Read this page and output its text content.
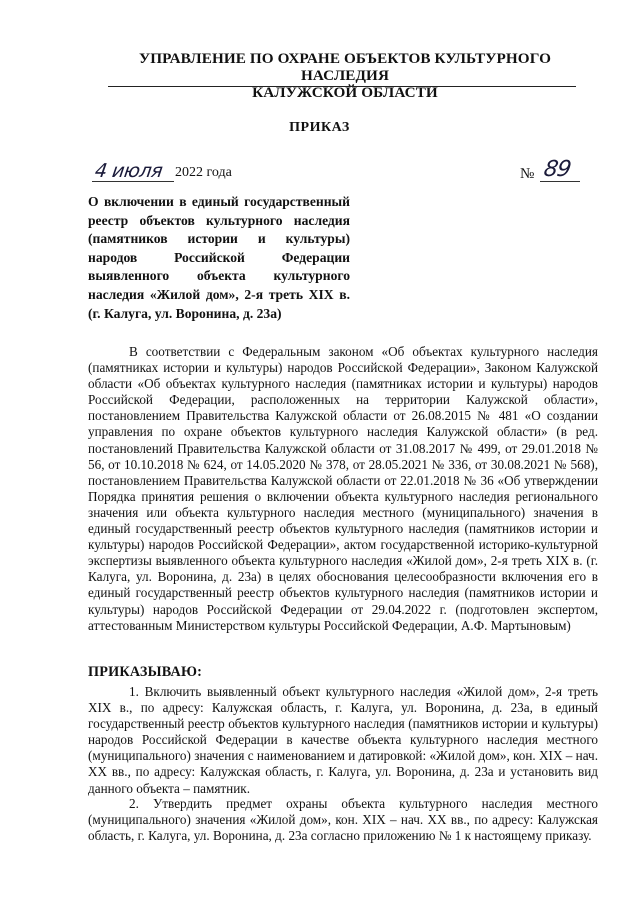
УПРАВЛЕНИЕ ПО ОХРАНЕ ОБЪЕКТОВ КУЛЬТУРНОГО НАСЛЕДИЯ
КАЛУЖСКОЙ ОБЛАСТИ
ПРИКАЗ
4 июля 2022 года	№ 89
О включении в единый государственный реестр объектов культурного наследия (памятников истории и культуры) народов Российской Федерации выявленного объекта культурного наследия «Жилой дом», 2-я треть XIX в. (г. Калуга, ул. Воронина, д. 23а)

В соответствии с Федеральным законом «Об объектах культурного наследия (памятниках истории и культуры) народов Российской Федерации», Законом Калужской области «Об объектах культурного наследия (памятниках истории и культуры) народов Российской Федерации, расположенных на территории Калужской области», постановлением Правительства Калужской области от 26.08.2015 № 481 «О создании управления по охране объектов культурного наследия Калужской области» (в ред. постановлений Правительства Калужской области от 31.08.2017 № 499, от 29.01.2018 № 56, от 10.10.2018 № 624, от 14.05.2020 № 378, от 28.05.2021 № 336, от 30.08.2021 № 568), постановлением Правительства Калужской области от 22.01.2018 № 36 «Об утверждении Порядка принятия решения о включении объекта культурного наследия регионального значения или объекта культурного наследия местного (муниципального) значения в единый государственный реестр объектов культурного наследия (памятников истории и культуры) народов Российской Федерации», актом государственной историко-культурной экспертизы выявленного объекта культурного наследия «Жилой дом», 2-я треть XIX в. (г. Калуга, ул. Воронина, д. 23а) в целях обоснования целесообразности включения его в единый государственный реестр объектов культурного наследия (памятников истории и культуры) народов Российской Федерации от 29.04.2022 г. (подготовлен экспертом, аттестованным Министерством культуры Российской Федерации, А.Ф. Мартыновым)

ПРИКАЗЫВАЮ:

1. Включить выявленный объект культурного наследия «Жилой дом», 2-я треть XIX в., по адресу: Калужская область, г. Калуга, ул. Воронина, д. 23а, в единый государственный реестр объектов культурного наследия (памятников истории и культуры) народов Российской Федерации в качестве объекта культурного наследия местного (муниципального) значения с наименованием и датировкой: «Жилой дом», кон. XIX – нач. XX вв., по адресу: Калужская область, г. Калуга, ул. Воронина, д. 23а и установить вид данного объекта – памятник.

2. Утвердить предмет охраны объекта культурного наследия местного (муниципального) значения «Жилой дом», кон. XIX – нач. XX вв., по адресу: Калужская область, г. Калуга, ул. Воронина, д. 23а согласно приложению № 1 к настоящему приказу.
